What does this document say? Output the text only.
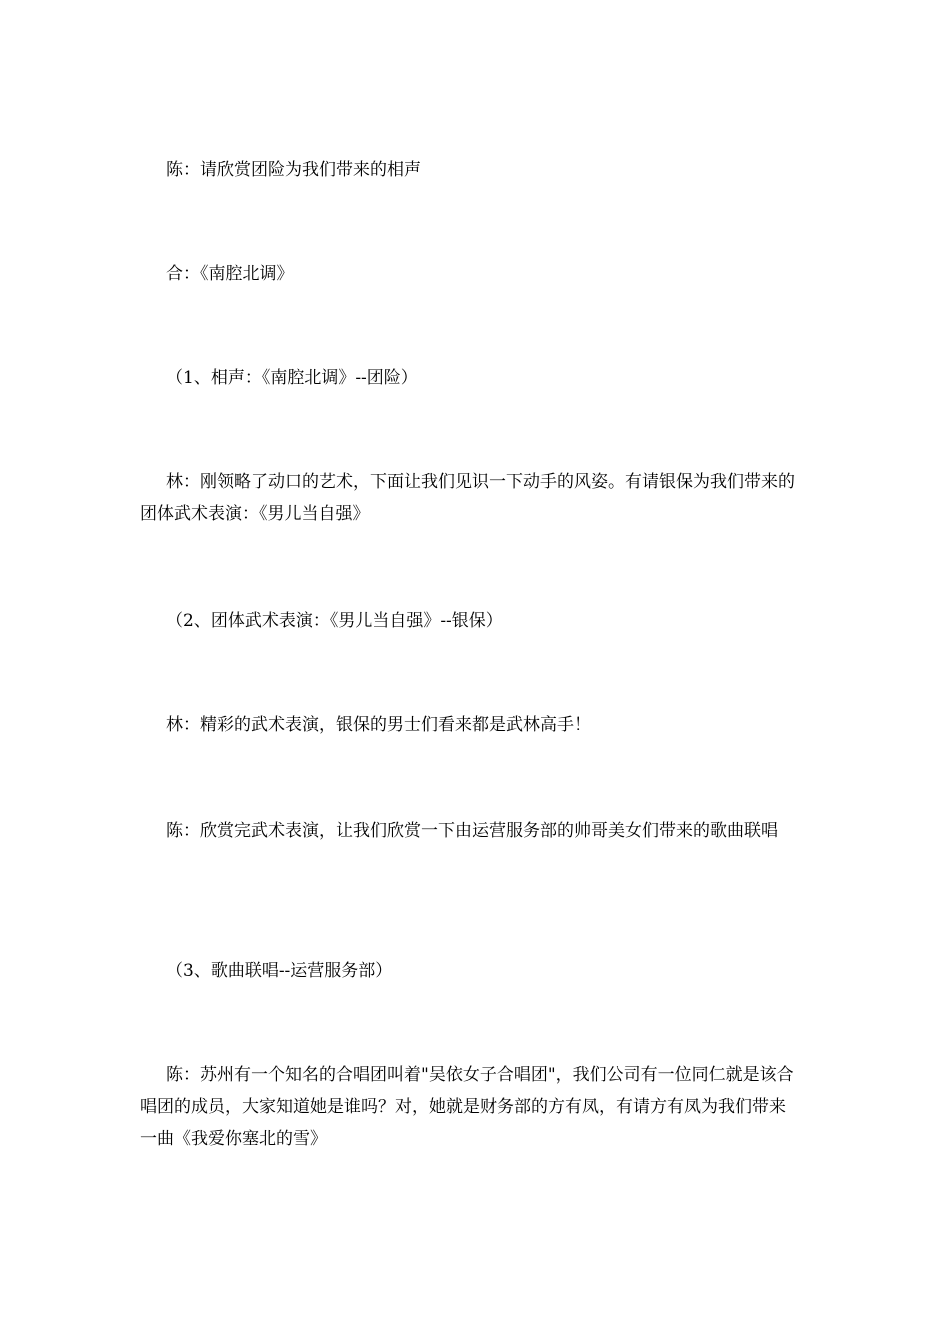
陈：请欣赏团险为我们带来的相声

合：《南腔北调》

（1、相声：《南腔北调》--团险）

林：刚领略了动口的艺术，下面让我们见识一下动手的风姿。有请银保为我们带来的团体武术表演：《男儿当自强》

（2、团体武术表演：《男儿当自强》--银保）

林：精彩的武术表演，银保的男士们看来都是武林高手！

陈：欣赏完武术表演，让我们欣赏一下由运营服务部的帅哥美女们带来的歌曲联唱

（3、歌曲联唱--运营服务部）

陈：苏州有一个知名的合唱团叫着"吴依女子合唱团"，我们公司有一位同仁就是该合唱团的成员，大家知道她是谁吗？对，她就是财务部的方有凤，有请方有凤为我们带来一曲《我爱你塞北的雪》
